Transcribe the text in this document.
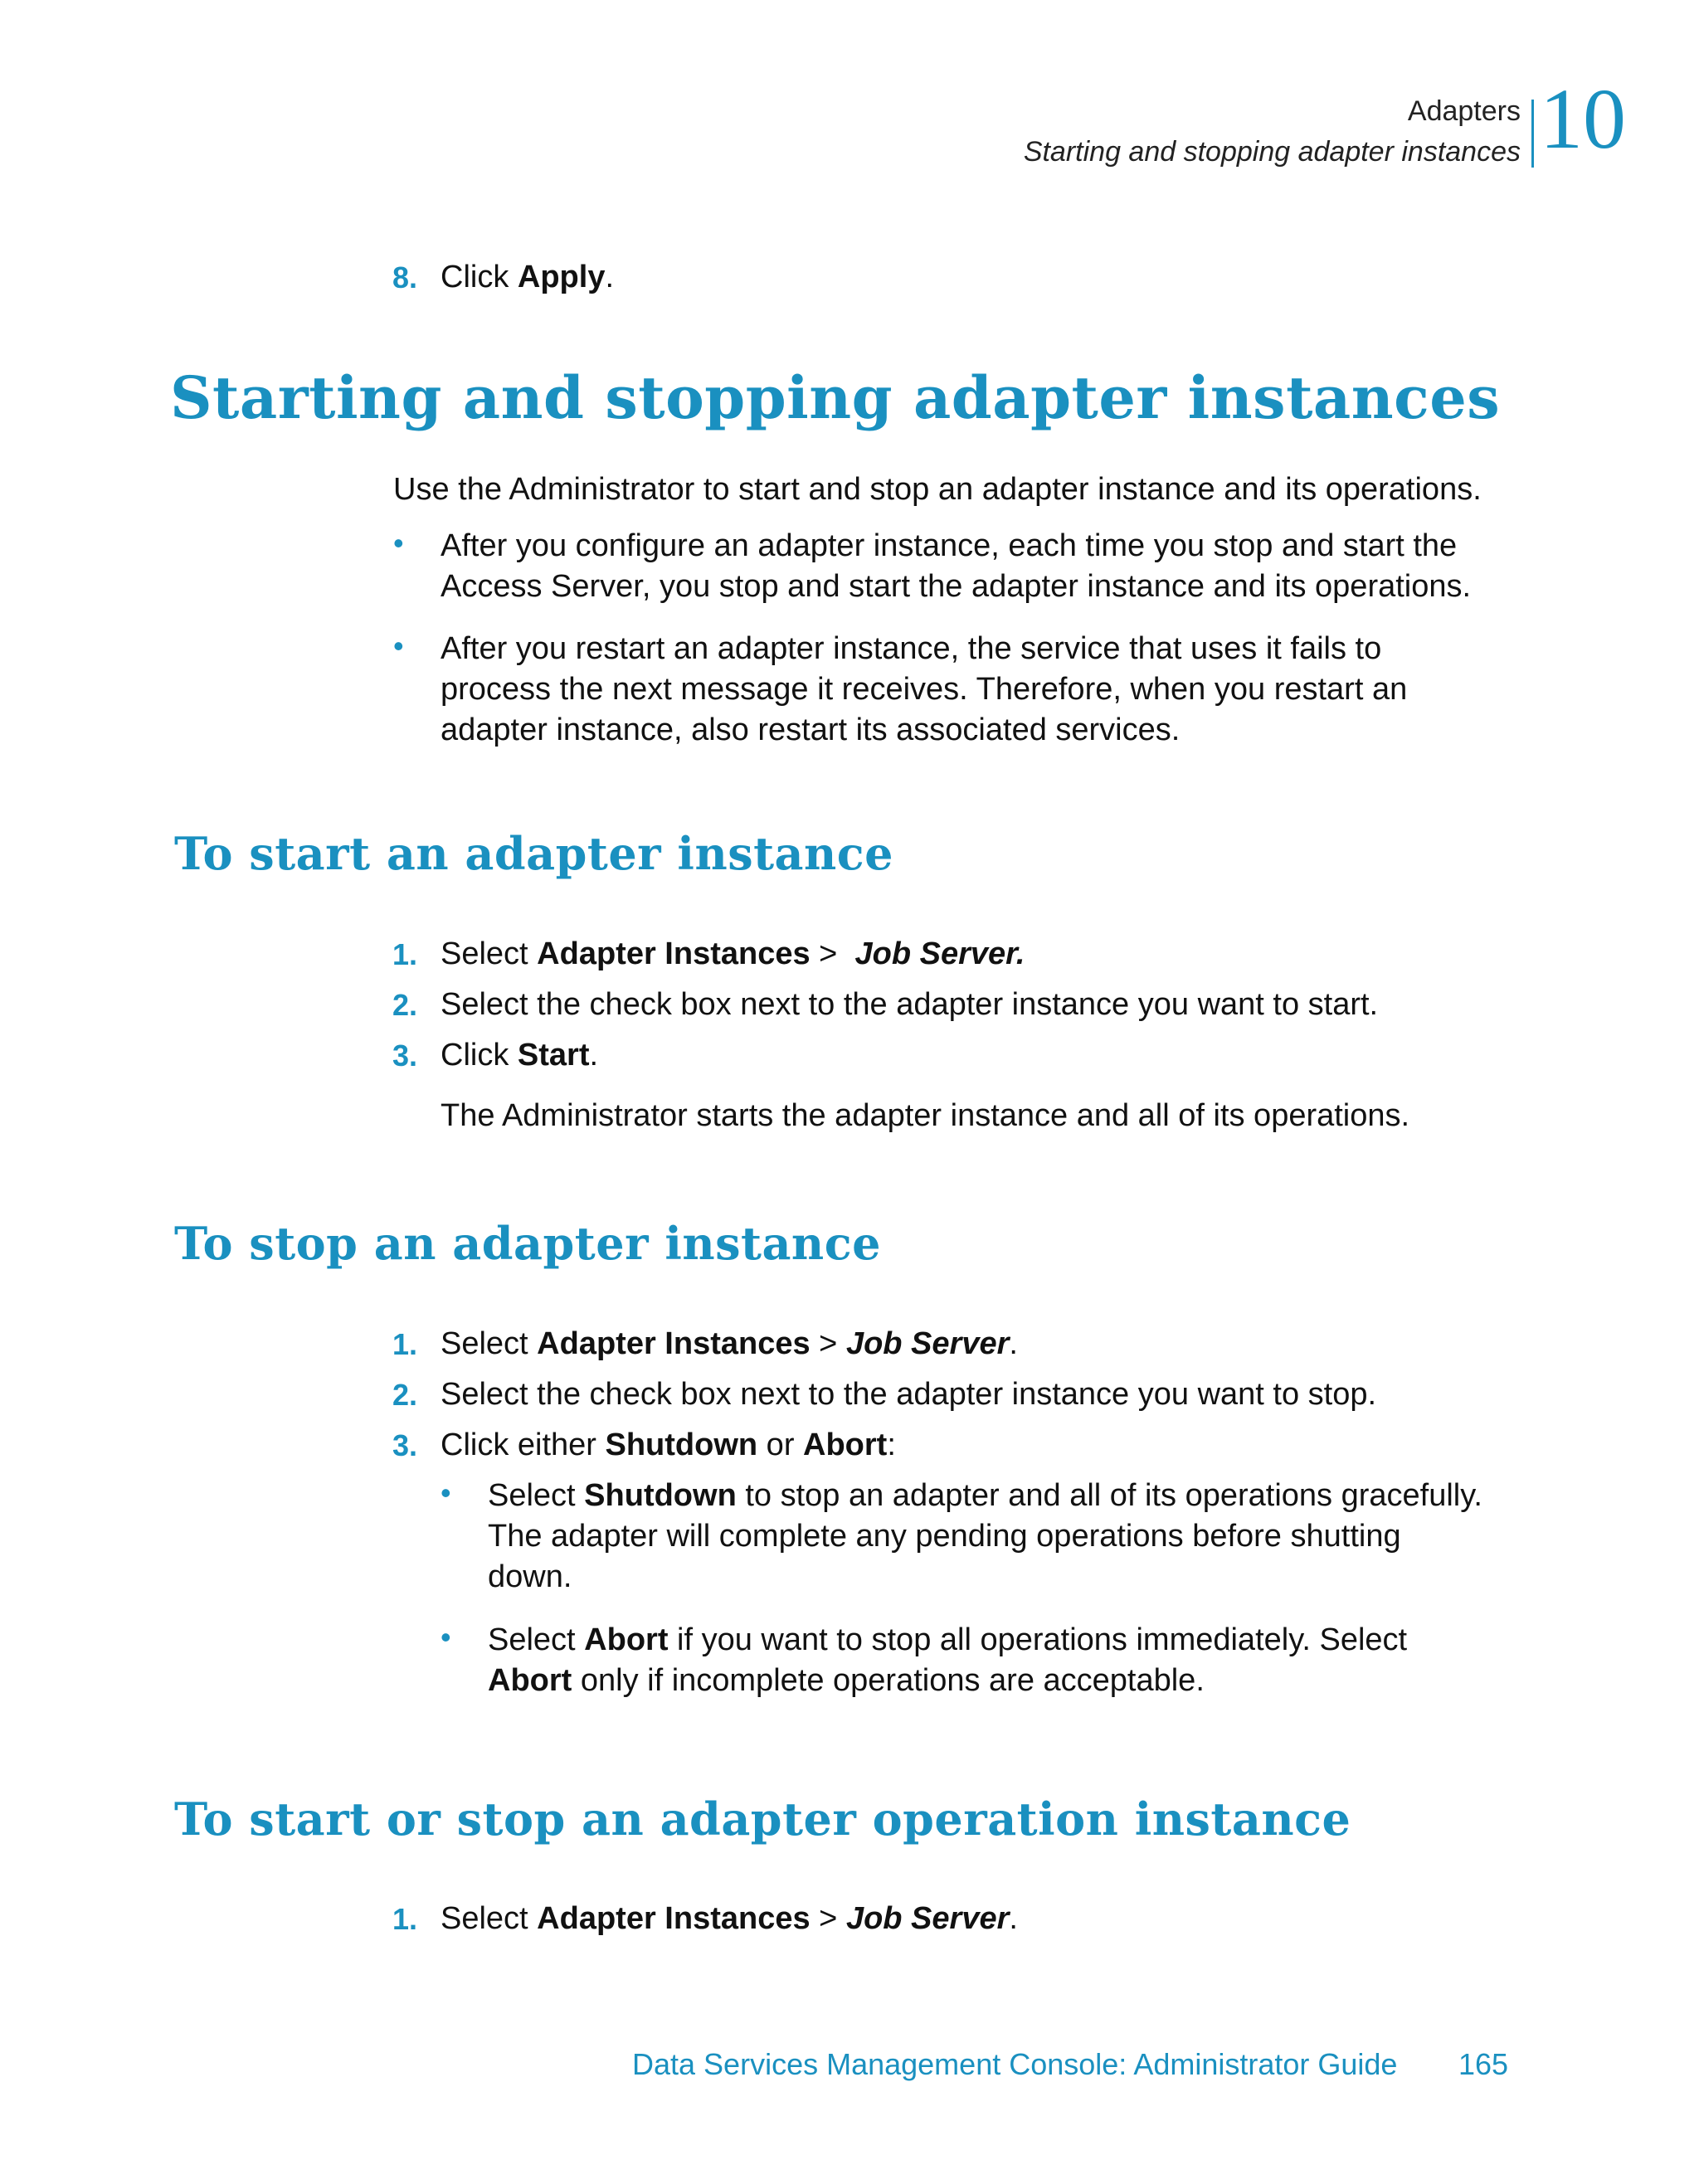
Adapters
Starting and stopping adapter instances 10
8. Click Apply.
Starting and stopping adapter instances
Use the Administrator to start and stop an adapter instance and its operations.
• After you configure an adapter instance, each time you stop and start the
Access Server, you stop and start the adapter instance and its operations.
• After you restart an adapter instance, the service that uses it fails to
process the next message it receives. Therefore, when you restart an
adapter instance, also restart its associated services.
To start an adapter instance
1. Select Adapter Instances >  Job Server.
2. Select the check box next to the adapter instance you want to start.
3. Click Start.
The Administrator starts the adapter instance and all of its operations.
To stop an adapter instance
1. Select Adapter Instances > Job Server.
2. Select the check box next to the adapter instance you want to stop.
3. Click either Shutdown or Abort:
• Select Shutdown to stop an adapter and all of its operations gracefully.
The adapter will complete any pending operations before shutting
down.
• Select Abort if you want to stop all operations immediately. Select
Abort only if incomplete operations are acceptable.
To start or stop an adapter operation instance
1. Select Adapter Instances > Job Server.
Data Services Management Console: Administrator Guide 165
